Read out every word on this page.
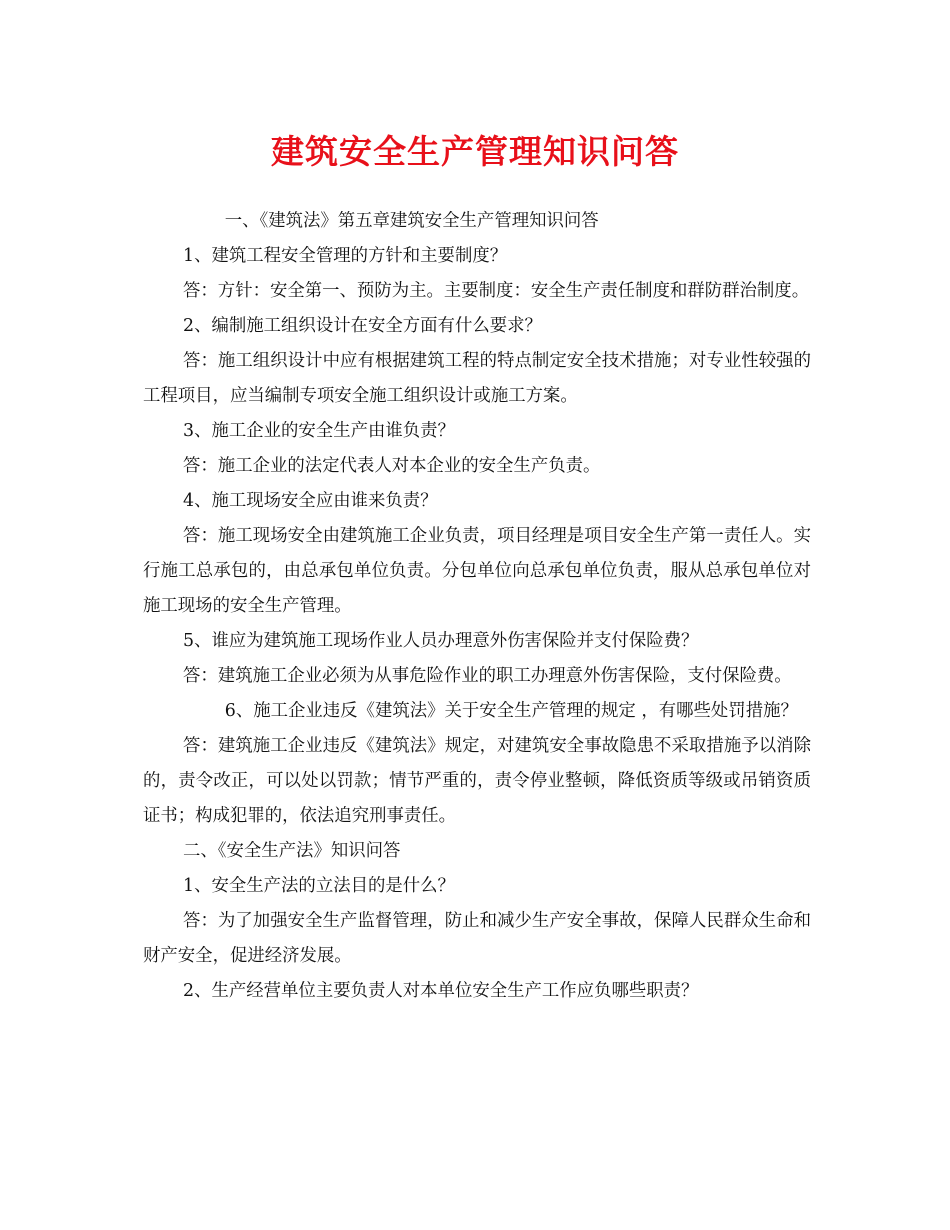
建筑安全生产管理知识问答

一、《建筑法》第五章建筑安全生产管理知识问答

1、建筑工程安全管理的方针和主要制度？

答：方针：安全第一、预防为主。主要制度：安全生产责任制度和群防群治制度。

2、编制施工组织设计在安全方面有什么要求？

答：施工组织设计中应有根据建筑工程的特点制定安全技术措施；对专业性较强的工程项目，应当编制专项安全施工组织设计或施工方案。

3、施工企业的安全生产由谁负责？

答：施工企业的法定代表人对本企业的安全生产负责。

4、施工现场安全应由谁来负责？

答：施工现场安全由建筑施工企业负责，项目经理是项目安全生产第一责任人。实行施工总承包的，由总承包单位负责。分包单位向总承包单位负责，服从总承包单位对施工现场的安全生产管理。

5、谁应为建筑施工现场作业人员办理意外伤害保险并支付保险费？

答：建筑施工企业必须为从事危险作业的职工办理意外伤害保险，支付保险费。

6、施工企业违反《建筑法》关于安全生产管理的规定 ，有哪些处罚措施？

答：建筑施工企业违反《建筑法》规定，对建筑安全事故隐患不采取措施予以消除的，责令改正，可以处以罚款；情节严重的，责令停业整顿，降低资质等级或吊销资质证书；构成犯罪的，依法追究刑事责任。

二、《安全生产法》知识问答

1、安全生产法的立法目的是什么？

答：为了加强安全生产监督管理，防止和减少生产安全事故，保障人民群众生命和财产安全，促进经济发展。

2、生产经营单位主要负责人对本单位安全生产工作应负哪些职责？
